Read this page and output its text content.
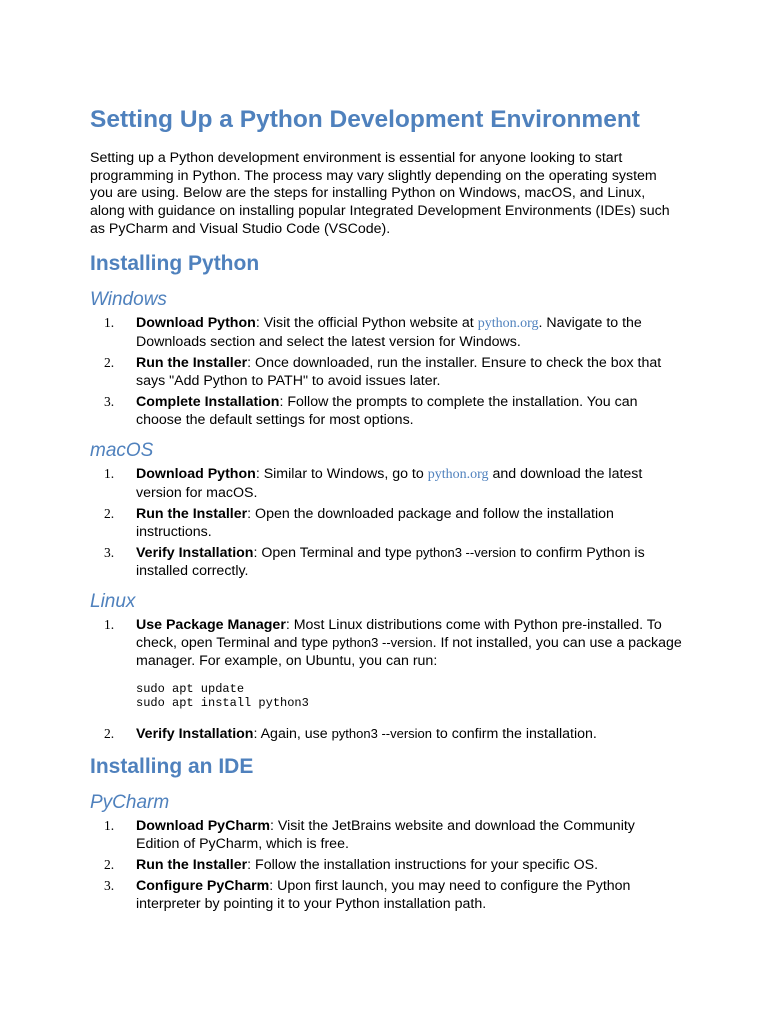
Setting Up a Python Development Environment

Setting up a Python development environment is essential for anyone looking to start programming in Python. The process may vary slightly depending on the operating system you are using. Below are the steps for installing Python on Windows, macOS, and Linux, along with guidance on installing popular Integrated Development Environments (IDEs) such as PyCharm and Visual Studio Code (VSCode).

Installing Python
Windows
1. Download Python: Visit the official Python website at python.org. Navigate to the Downloads section and select the latest version for Windows.
2. Run the Installer: Once downloaded, run the installer. Ensure to check the box that says "Add Python to PATH" to avoid issues later.
3. Complete Installation: Follow the prompts to complete the installation. You can choose the default settings for most options.
macOS
1. Download Python: Similar to Windows, go to python.org and download the latest version for macOS.
2. Run the Installer: Open the downloaded package and follow the installation instructions.
3. Verify Installation: Open Terminal and type python3 --version to confirm Python is installed correctly.
Linux
1. Use Package Manager: Most Linux distributions come with Python pre-installed. To check, open Terminal and type python3 --version. If not installed, you can use a package manager. For example, on Ubuntu, you can run:
sudo apt update
sudo apt install python3
2. Verify Installation: Again, use python3 --version to confirm the installation.
Installing an IDE
PyCharm
1. Download PyCharm: Visit the JetBrains website and download the Community Edition of PyCharm, which is free.
2. Run the Installer: Follow the installation instructions for your specific OS.
3. Configure PyCharm: Upon first launch, you may need to configure the Python interpreter by pointing it to your Python installation path.
